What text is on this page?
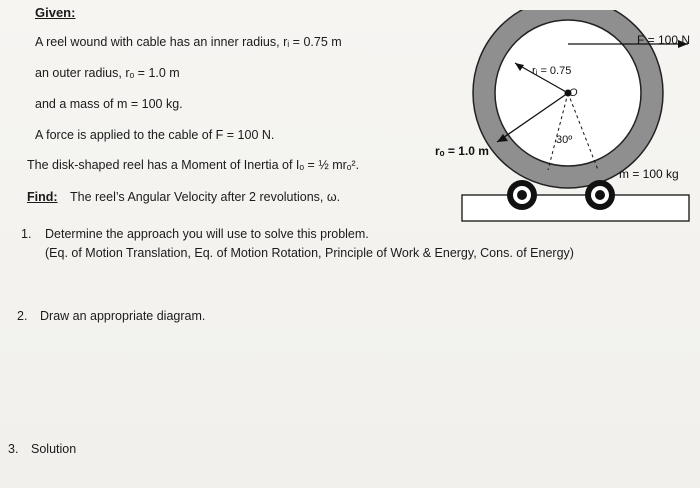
Given:
A reel wound with cable has an inner radius, rᵢ = 0.75 m
an outer radius, rₒ = 1.0 m
and a mass of m = 100 kg.
A force is applied to the cable of F = 100 N.
The disk-shaped reel has a Moment of Inertia of Iₒ = ½ mrₒ².
Find: The reel’s Angular Velocity after 2 revolutions, ω.
1. Determine the approach you will use to solve this problem.
(Eq. of Motion Translation, Eq. of Motion Rotation, Principle of Work & Energy, Cons. of Energy)
2. Draw an appropriate diagram.
3. Solution
F = 100 N
rᵢ = 0.75
O
30º
rₒ = 1.0 m
m = 100 kg
